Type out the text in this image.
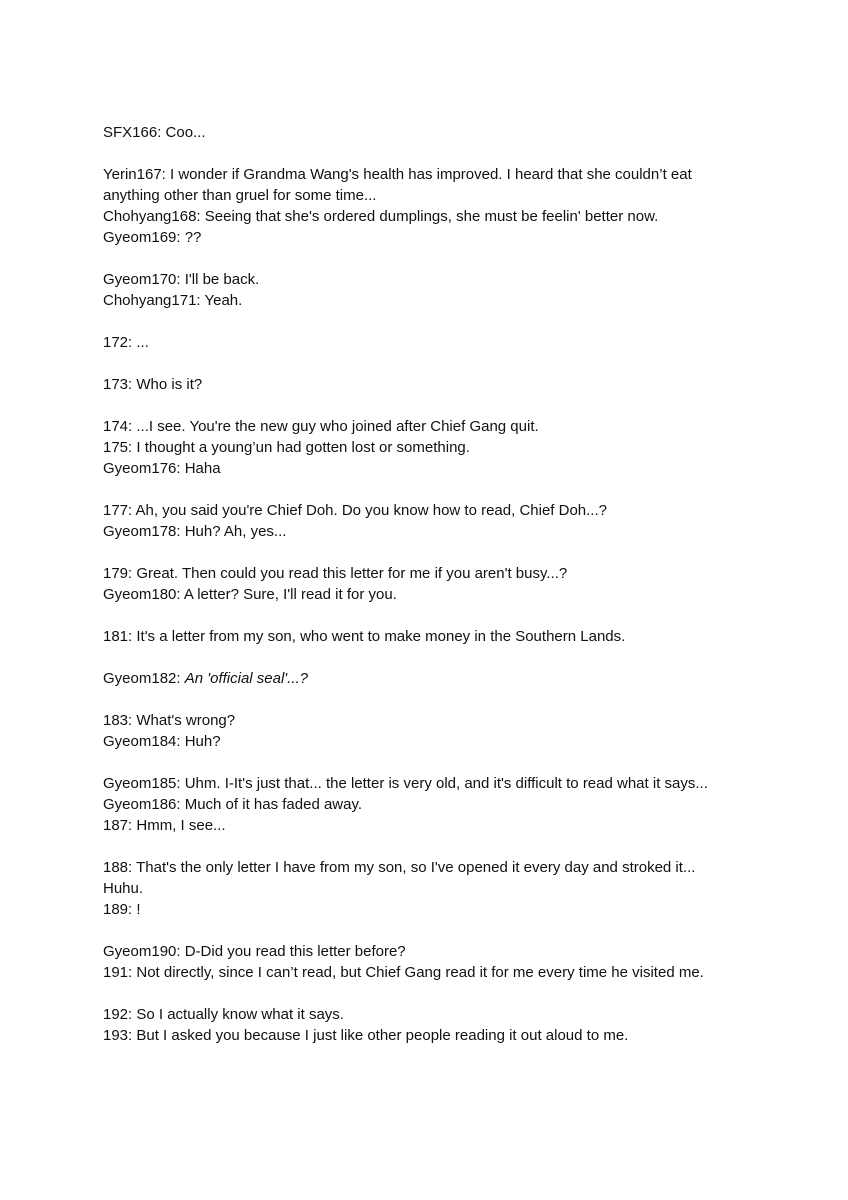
SFX166: Coo...

Yerin167: I wonder if Grandma Wang's health has improved. I heard that she couldn’t eat

anything other than gruel for some time...

Chohyang168: Seeing that she's ordered dumplings, she must be feelin' better now.

Gyeom169: ??

Gyeom170: I'll be back.

Chohyang171: Yeah.

172: ...

173: Who is it?

174: ...I see. You're the new guy who joined after Chief Gang quit.

175: I thought a young’un had gotten lost or something.

Gyeom176: Haha

177: Ah, you said you're Chief Doh. Do you know how to read, Chief Doh...?

Gyeom178: Huh? Ah, yes...

179: Great. Then could you read this letter for me if you aren't busy...?

Gyeom180: A letter? Sure, I'll read it for you.

181: It's a letter from my son, who went to make money in the Southern Lands.

Gyeom182: An 'official seal'...?

183: What's wrong?

Gyeom184: Huh?

Gyeom185: Uhm. I-It's just that... the letter is very old, and it's difficult to read what it says...

Gyeom186: Much of it has faded away.

187: Hmm, I see...

188: That's the only letter I have from my son, so I've opened it every day and stroked it...

Huhu.

189: !

Gyeom190: D-Did you read this letter before?

191: Not directly, since I can’t read, but Chief Gang read it for me every time he visited me.

192: So I actually know what it says.

193: But I asked you because I just like other people reading it out aloud to me.
